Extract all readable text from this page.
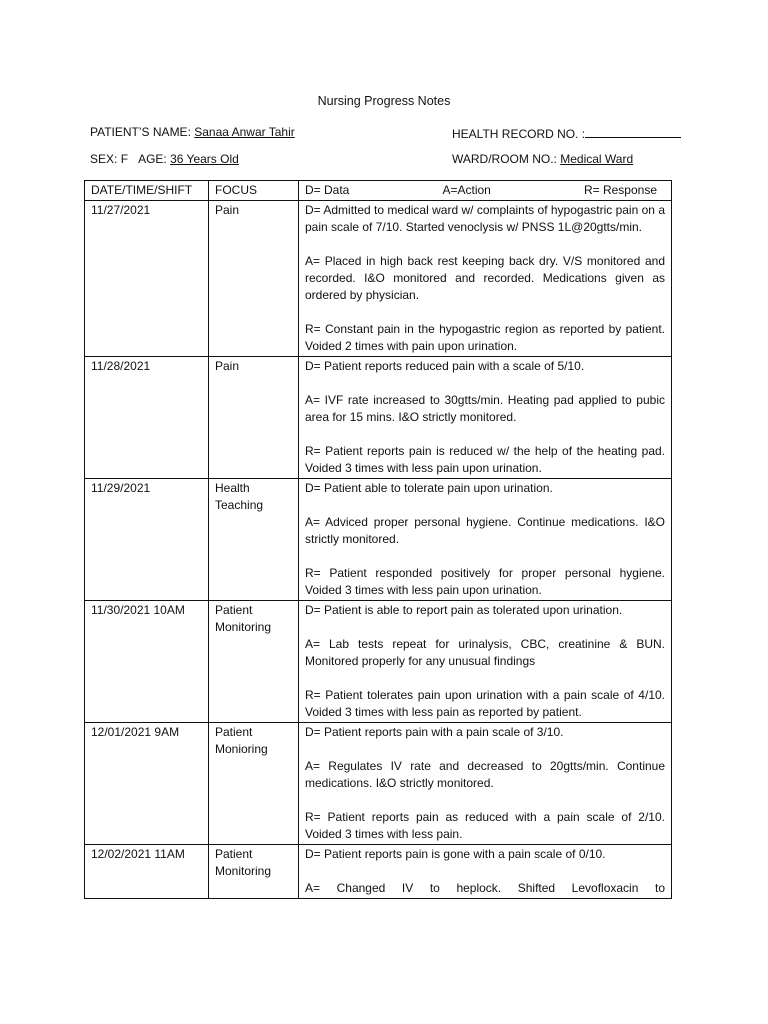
Nursing Progress Notes
PATIENT’S NAME: Sanaa Anwar Tahir	HEALTH RECORD NO. :
SEX: F AGE: 36 Years Old	WARD/ROOM NO.: Medical Ward
DATE/TIME/SHIFT	FOCUS	D= Data A=Action R= Response

11/27/2021	Pain	D= Admitted to medical ward w/ complaints of hypogastric pain on a pain scale of 7/10. Started venoclysis w/ PNSS 1L@20gtts/min.

A= Placed in high back rest keeping back dry. V/S monitored and recorded. I&O monitored and recorded. Medications given as ordered by physician.

R= Constant pain in the hypogastric region as reported by patient. Voided 2 times with pain upon urination.

11/28/2021	Pain	D= Patient reports reduced pain with a scale of 5/10.

A= IVF rate increased to 30gtts/min. Heating pad applied to pubic area for 15 mins. I&O strictly monitored.

R= Patient reports pain is reduced w/ the help of the heating pad. Voided 3 times with less pain upon urination.

11/29/2021	Health Teaching	D= Patient able to tolerate pain upon urination.

A= Adviced proper personal hygiene. Continue medications. I&O strictly monitored.

R= Patient responded positively for proper personal hygiene. Voided 3 times with less pain upon urination.

11/30/2021 10AM	Patient Monitoring	D= Patient is able to report pain as tolerated upon urination.

A= Lab tests repeat for urinalysis, CBC, creatinine & BUN. Monitored properly for any unusual findings

R= Patient tolerates pain upon urination with a pain scale of 4/10. Voided 3 times with less pain as reported by patient.

12/01/2021 9AM	Patient Monioring	D= Patient reports pain with a pain scale of 3/10.

A= Regulates IV rate and decreased to 20gtts/min. Continue medications. I&O strictly monitored.

R= Patient reports pain as reduced with a pain scale of 2/10. Voided 3 times with less pain.

12/02/2021 11AM	Patient Monitoring	D= Patient reports pain is gone with a pain scale of 0/10.

A= Changed IV to heplock. Shifted Levofloxacin to
